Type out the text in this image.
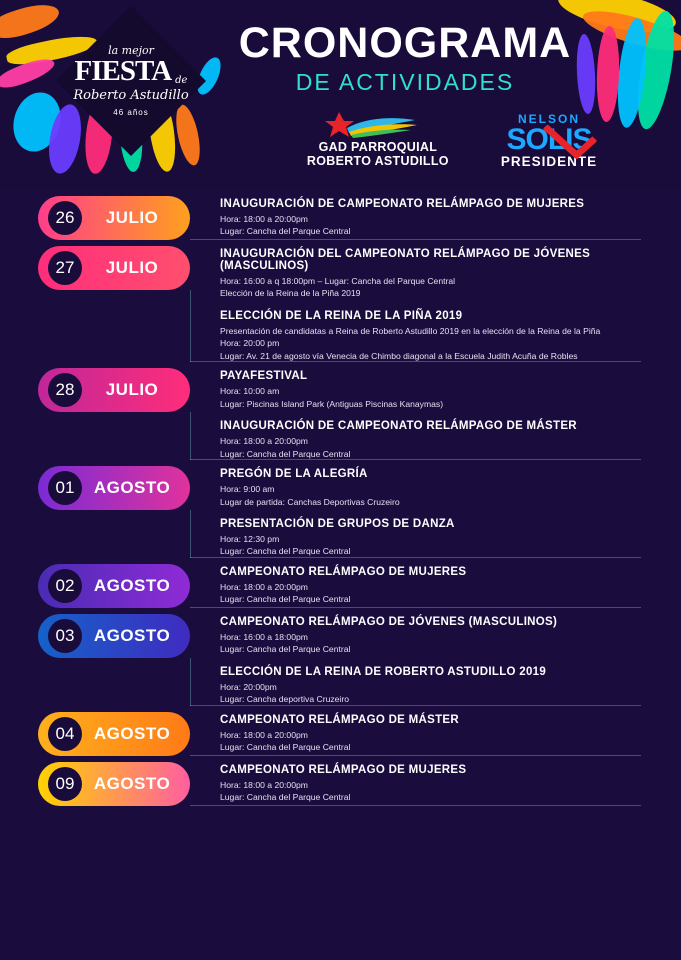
la mejor
FIESTA de
Roberto Astudillo
46 años
CRONOGRAMA
DE ACTIVIDADES
GAD PARROQUIAL
ROBERTO ASTUDILLO
NELSON
SOLIS
PRESIDENTE
26	JULIO
INAUGURACIÓN DE CAMPEONATO RELÁMPAGO DE MUJERES
Hora: 18:00 a 20:00pm
Lugar: Cancha del Parque Central
27	JULIO
INAUGURACIÓN DEL CAMPEONATO RELÁMPAGO DE JÓVENES (MASCULINOS)
Hora: 16:00 a q 18:00pm – Lugar: Cancha del Parque Central
Elección de la Reina de la Piña 2019
ELECCIÓN DE LA REINA DE LA PIÑA 2019
Presentación de candidatas a Reina de Roberto Astudillo 2019 en la elección de la Reina de la Piña
Hora: 20:00 pm
Lugar: Av. 21 de agosto vía Venecia de Chimbo diagonal a la Escuela Judith Acuña de Robles
28	JULIO
PAYAFESTIVAL
Hora: 10:00 am
Lugar: Piscinas Island Park (Antiguas Piscinas Kanaymas)
INAUGURACIÓN DE CAMPEONATO RELÁMPAGO DE MÁSTER
Hora: 18:00 a 20:00pm
Lugar: Cancha del Parque Central
01	AGOSTO
PREGÓN DE LA ALEGRÍA
Hora: 9:00 am
Lugar de partida: Canchas Deportivas Cruzeiro
PRESENTACIÓN DE GRUPOS DE DANZA
Hora: 12:30 pm
Lugar: Cancha del Parque Central
02	AGOSTO
CAMPEONATO RELÁMPAGO DE MUJERES
Hora: 18:00 a 20:00pm
Lugar: Cancha del Parque Central
03	AGOSTO
CAMPEONATO RELÁMPAGO DE JÓVENES (MASCULINOS)
Hora: 16:00 a 18:00pm
Lugar: Cancha del Parque Central
ELECCIÓN DE LA REINA DE ROBERTO ASTUDILLO 2019
Hora: 20:00pm
Lugar: Cancha deportiva Cruzeiro
04	AGOSTO
CAMPEONATO RELÁMPAGO DE MÁSTER
Hora: 18:00 a 20:00pm
Lugar: Cancha del Parque Central
09	AGOSTO
CAMPEONATO RELÁMPAGO DE MUJERES
Hora: 18:00 a 20:00pm
Lugar: Cancha del Parque Central
